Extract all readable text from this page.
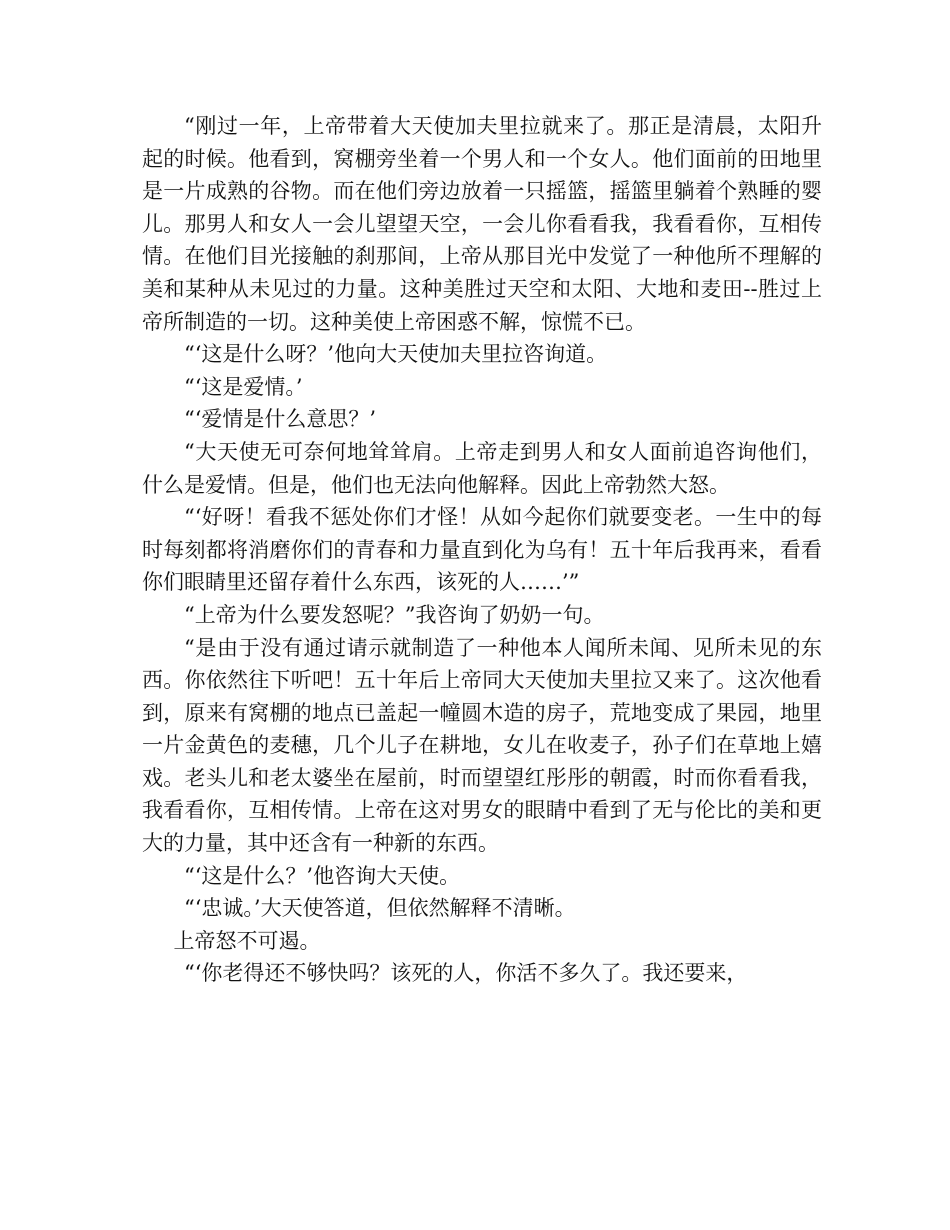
“刚过一年，上帝带着大天使加夫里拉就来了。那正是清晨，太阳升起的时候。他看到，窝棚旁坐着一个男人和一个女人。他们面前的田地里是一片成熟的谷物。而在他们旁边放着一只摇篮，摇篮里躺着个熟睡的婴儿。那男人和女人一会儿望望天空，一会儿你看看我，我看看你，互相传情。在他们目光接触的刹那间，上帝从那目光中发觉了一种他所不理解的美和某种从未见过的力量。这种美胜过天空和太阳、大地和麦田--胜过上帝所制造的一切。这种美使上帝困惑不解，惊慌不已。

“‘这是什么呀？’他向大天使加夫里拉咨询道。

“‘这是爱情。’

“‘爱情是什么意思？’

“大天使无可奈何地耸耸肩。上帝走到男人和女人面前追咨询他们，什么是爱情。但是，他们也无法向他解释。因此上帝勃然大怒。

“‘好呀！看我不惩处你们才怪！从如今起你们就要变老。一生中的每时每刻都将消磨你们的青春和力量直到化为乌有！五十年后我再来，看看你们眼睛里还留存着什么东西，该死的人……’”

“上帝为什么要发怒呢？”我咨询了奶奶一句。

“是由于没有通过请示就制造了一种他本人闻所未闻、见所未见的东西。你依然往下听吧！五十年后上帝同大天使加夫里拉又来了。这次他看到，原来有窝棚的地点已盖起一幢圆木造的房子，荒地变成了果园，地里一片金黄色的麦穗，几个儿子在耕地，女儿在收麦子，孙子们在草地上嬉戏。老头儿和老太婆坐在屋前，时而望望红彤彤的朝霞，时而你看看我，我看看你，互相传情。上帝在这对男女的眼睛中看到了无与伦比的美和更大的力量，其中还含有一种新的东西。

“‘这是什么？’他咨询大天使。

“‘忠诚。’大天使答道，但依然解释不清晰。

上帝怒不可遏。

“‘你老得还不够快吗？该死的人，你活不多久了。我还要来，
